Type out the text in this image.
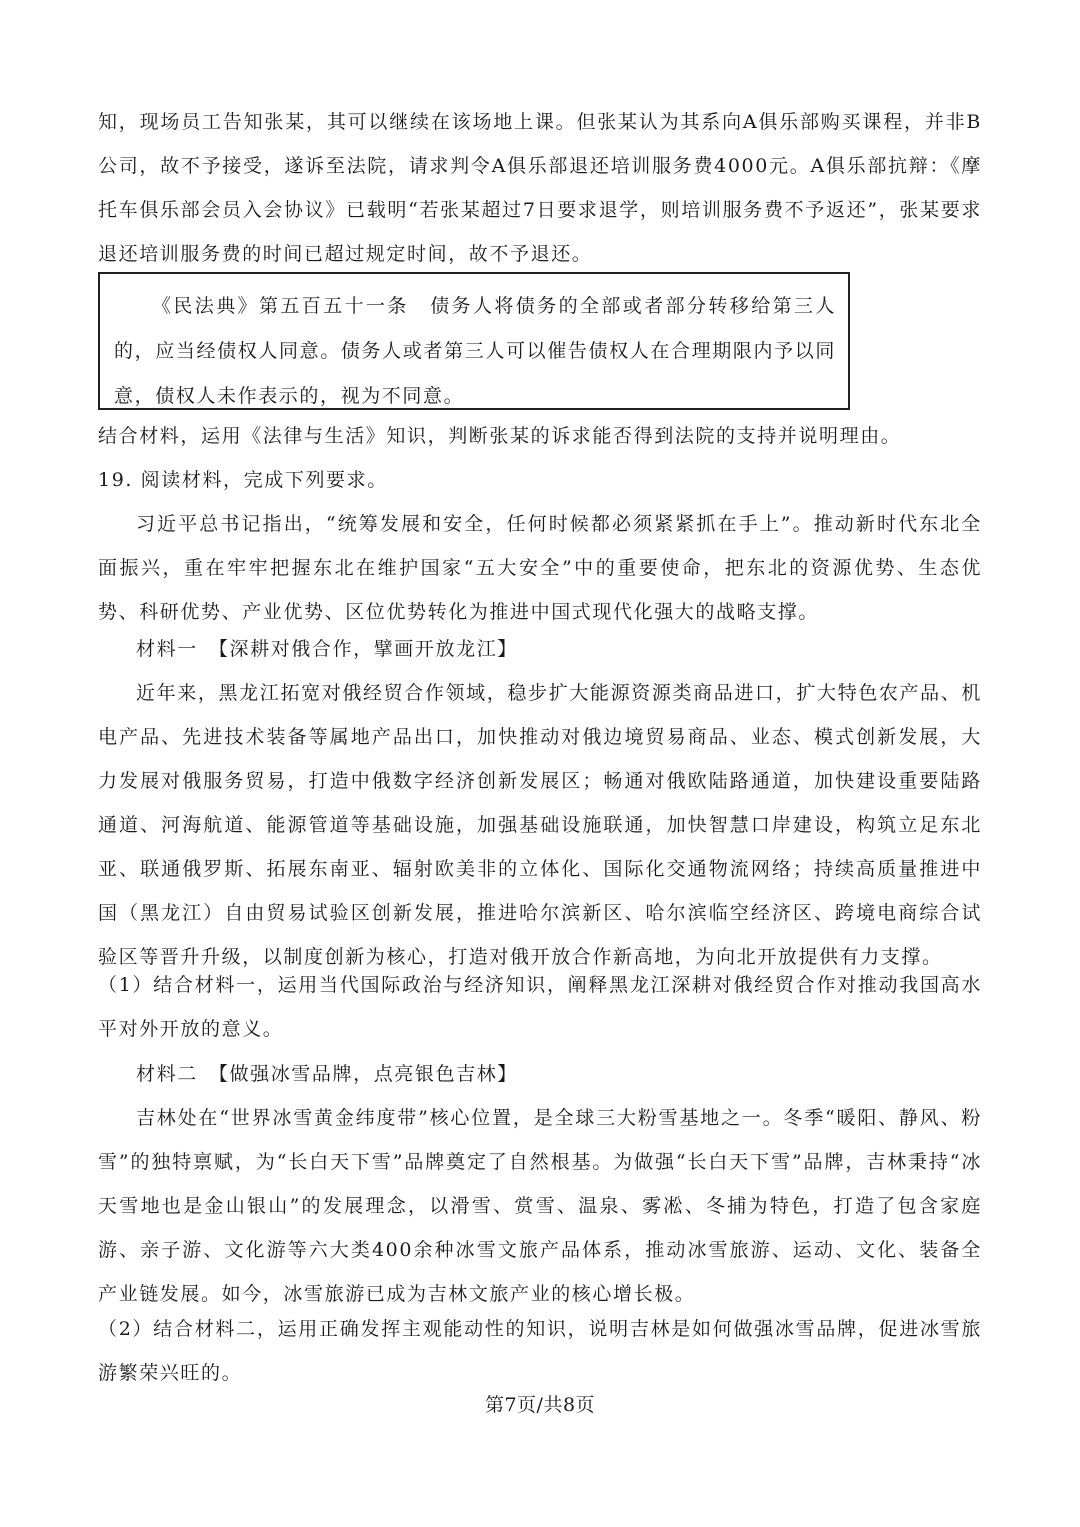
知，现场员工告知张某，其可以继续在该场地上课。但张某认为其系向A俱乐部购买课程，并非B公司，故不予接受，遂诉至法院，请求判令A俱乐部退还培训服务费4000元。A俱乐部抗辩：《摩托车俱乐部会员入会协议》已载明“若张某超过7日要求退学，则培训服务费不予返还”，张某要求退还培训服务费的时间已超过规定时间，故不予退还。

《民法典》第五百五十一条　债务人将债务的全部或者部分转移给第三人的，应当经债权人同意。债务人或者第三人可以催告债权人在合理期限内予以同意，债权人未作表示的，视为不同意。

结合材料，运用《法律与生活》知识，判断张某的诉求能否得到法院的支持并说明理由。

19. 阅读材料，完成下列要求。

习近平总书记指出，“统筹发展和安全，任何时候都必须紧紧抓在手上”。推动新时代东北全面振兴，重在牢牢把握东北在维护国家“五大安全”中的重要使命，把东北的资源优势、生态优势、科研优势、产业优势、区位优势转化为推进中国式现代化强大的战略支撑。

材料一　【深耕对俄合作，擘画开放龙江】

近年来，黑龙江拓宽对俄经贸合作领域，稳步扩大能源资源类商品进口，扩大特色农产品、机电产品、先进技术装备等属地产品出口，加快推动对俄边境贸易商品、业态、模式创新发展，大力发展对俄服务贸易，打造中俄数字经济创新发展区；畅通对俄欧陆路通道，加快建设重要陆路通道、河海航道、能源管道等基础设施，加强基础设施联通，加快智慧口岸建设，构筑立足东北亚、联通俄罗斯、拓展东南亚、辐射欧美非的立体化、国际化交通物流网络；持续高质量推进中国（黑龙江）自由贸易试验区创新发展，推进哈尔滨新区、哈尔滨临空经济区、跨境电商综合试验区等晋升升级，以制度创新为核心，打造对俄开放合作新高地，为向北开放提供有力支撑。

（1）结合材料一，运用当代国际政治与经济知识，阐释黑龙江深耕对俄经贸合作对推动我国高水平对外开放的意义。

材料二　【做强冰雪品牌，点亮银色吉林】

吉林处在“世界冰雪黄金纬度带”核心位置，是全球三大粉雪基地之一。冬季“暖阳、静风、粉雪”的独特禀赋，为“长白天下雪”品牌奠定了自然根基。为做强“长白天下雪”品牌，吉林秉持“冰天雪地也是金山银山”的发展理念，以滑雪、赏雪、温泉、雾凇、冬捕为特色，打造了包含家庭游、亲子游、文化游等六大类400余种冰雪文旅产品体系，推动冰雪旅游、运动、文化、装备全产业链发展。如今，冰雪旅游已成为吉林文旅产业的核心增长极。

（2）结合材料二，运用正确发挥主观能动性的知识，说明吉林是如何做强冰雪品牌，促进冰雪旅游繁荣兴旺的。

第7页/共8页
